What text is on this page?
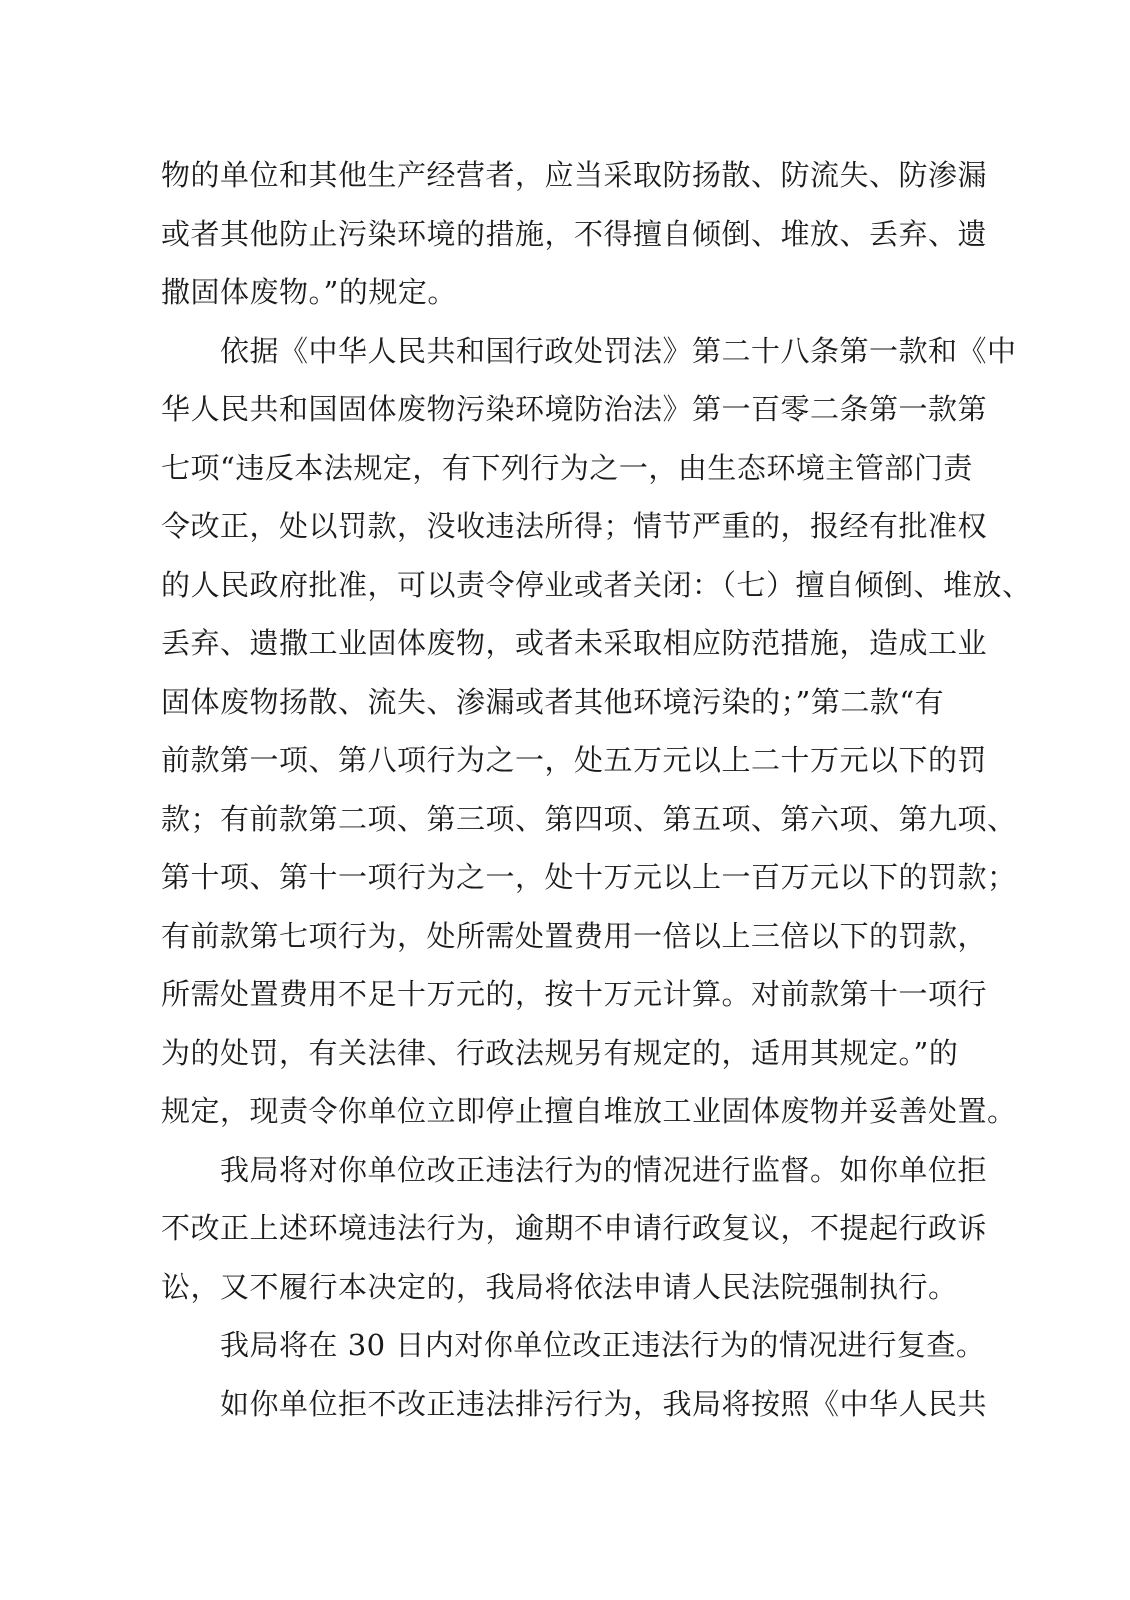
物的单位和其他生产经营者，应当采取防扬散、防流失、防渗漏
或者其他防止污染环境的措施，不得擅自倾倒、堆放、丢弃、遗
撒固体废物。”的规定。
　　依据《中华人民共和国行政处罚法》第二十八条第一款和《中
华人民共和国固体废物污染环境防治法》第一百零二条第一款第
七项“违反本法规定，有下列行为之一，由生态环境主管部门责
令改正，处以罚款，没收违法所得；情节严重的，报经有批准权
的人民政府批准，可以责令停业或者关闭：（七）擅自倾倒、堆放、
丢弃、遗撒工业固体废物，或者未采取相应防范措施，造成工业
固体废物扬散、流失、渗漏或者其他环境污染的；”第二款“有
前款第一项、第八项行为之一，处五万元以上二十万元以下的罚
款；有前款第二项、第三项、第四项、第五项、第六项、第九项、
第十项、第十一项行为之一，处十万元以上一百万元以下的罚款；
有前款第七项行为，处所需处置费用一倍以上三倍以下的罚款，
所需处置费用不足十万元的，按十万元计算。对前款第十一项行
为的处罚，有关法律、行政法规另有规定的，适用其规定。”的
规定，现责令你单位立即停止擅自堆放工业固体废物并妥善处置。
　　我局将对你单位改正违法行为的情况进行监督。如你单位拒
不改正上述环境违法行为，逾期不申请行政复议，不提起行政诉
讼，又不履行本决定的，我局将依法申请人民法院强制执行。
　　我局将在 30 日内对你单位改正违法行为的情况进行复查。
　　如你单位拒不改正违法排污行为，我局将按照《中华人民共
